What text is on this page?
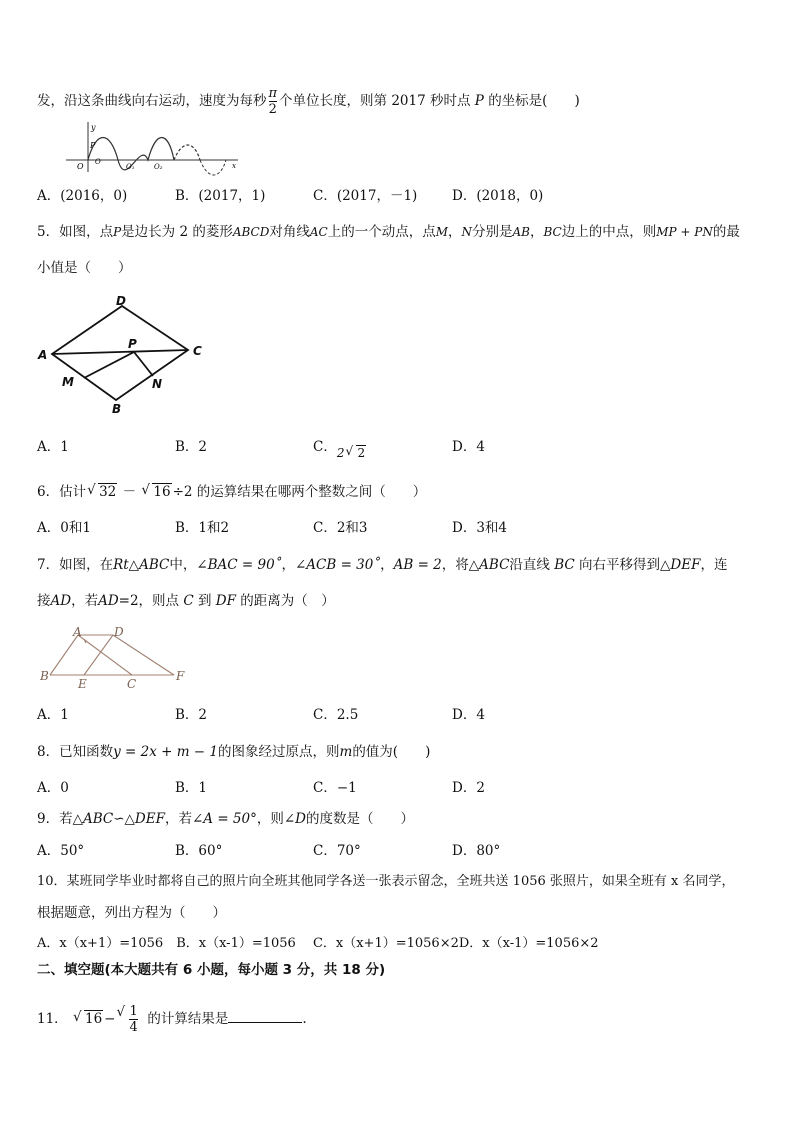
发，沿这条曲线向右运动，速度为每秒 $\frac{\pi}{2}$ 个单位长度，则第 2017 秒时点 P 的坐标是(　　)
y
P
O O
O₁	O₂	x
A．(2016，0)	B．(2017，1)	C．(2017，－1)	D．(2018，0)
5．如图，点P是边长为 2 的菱形ABCD对角线AC上的一个动点，点M，N分别是AB，BC边上的中点，则MP + PN的最
小值是（　　）
D
A
P	C
M	N
B
A．1	B．2	C．2 √ 2	D．4
6．估计 √ 32 － √ 16 ÷2 的运算结果在哪两个整数之间（　　）
A．0和1	B．1和2	C．2和3	D．3和4
7．如图，在Rt△ABC中，∠BAC = 90˚，∠ACB = 30˚，AB = 2，将△ABC沿直线 BC 向右平移得到△DEF，连
接AD，若AD=2，则点 C 到 DF 的距离为（　）
A	D
B
E	C
F
A．1	B．2	C．2.5	D．4
8．已知函数y = 2x + m − 1的图象经过原点，则m的值为(　　)
A．0	B．1	C．−1	D．2
9．若△ABC∽△DEF，若∠A = 50°，则∠D的度数是（　　）
A．50°	B．60°	C．70°	D．80°
10．某班同学毕业时都将自己的照片向全班其他同学各送一张表示留念，全班共送 1056 张照片，如果全班有 x 名同学，
根据题意，列出方程为（　　）
A．x（x+1）=1056　B．x（x-1）=1056　 C．x（x+1）=1056×2D．x（x-1）=1056×2
二、填空题(本大题共有 6 小题，每小题 3 分，共 18 分)
11． √ 16 − √ $\frac{1}{4}$ 的计算结果是	.
